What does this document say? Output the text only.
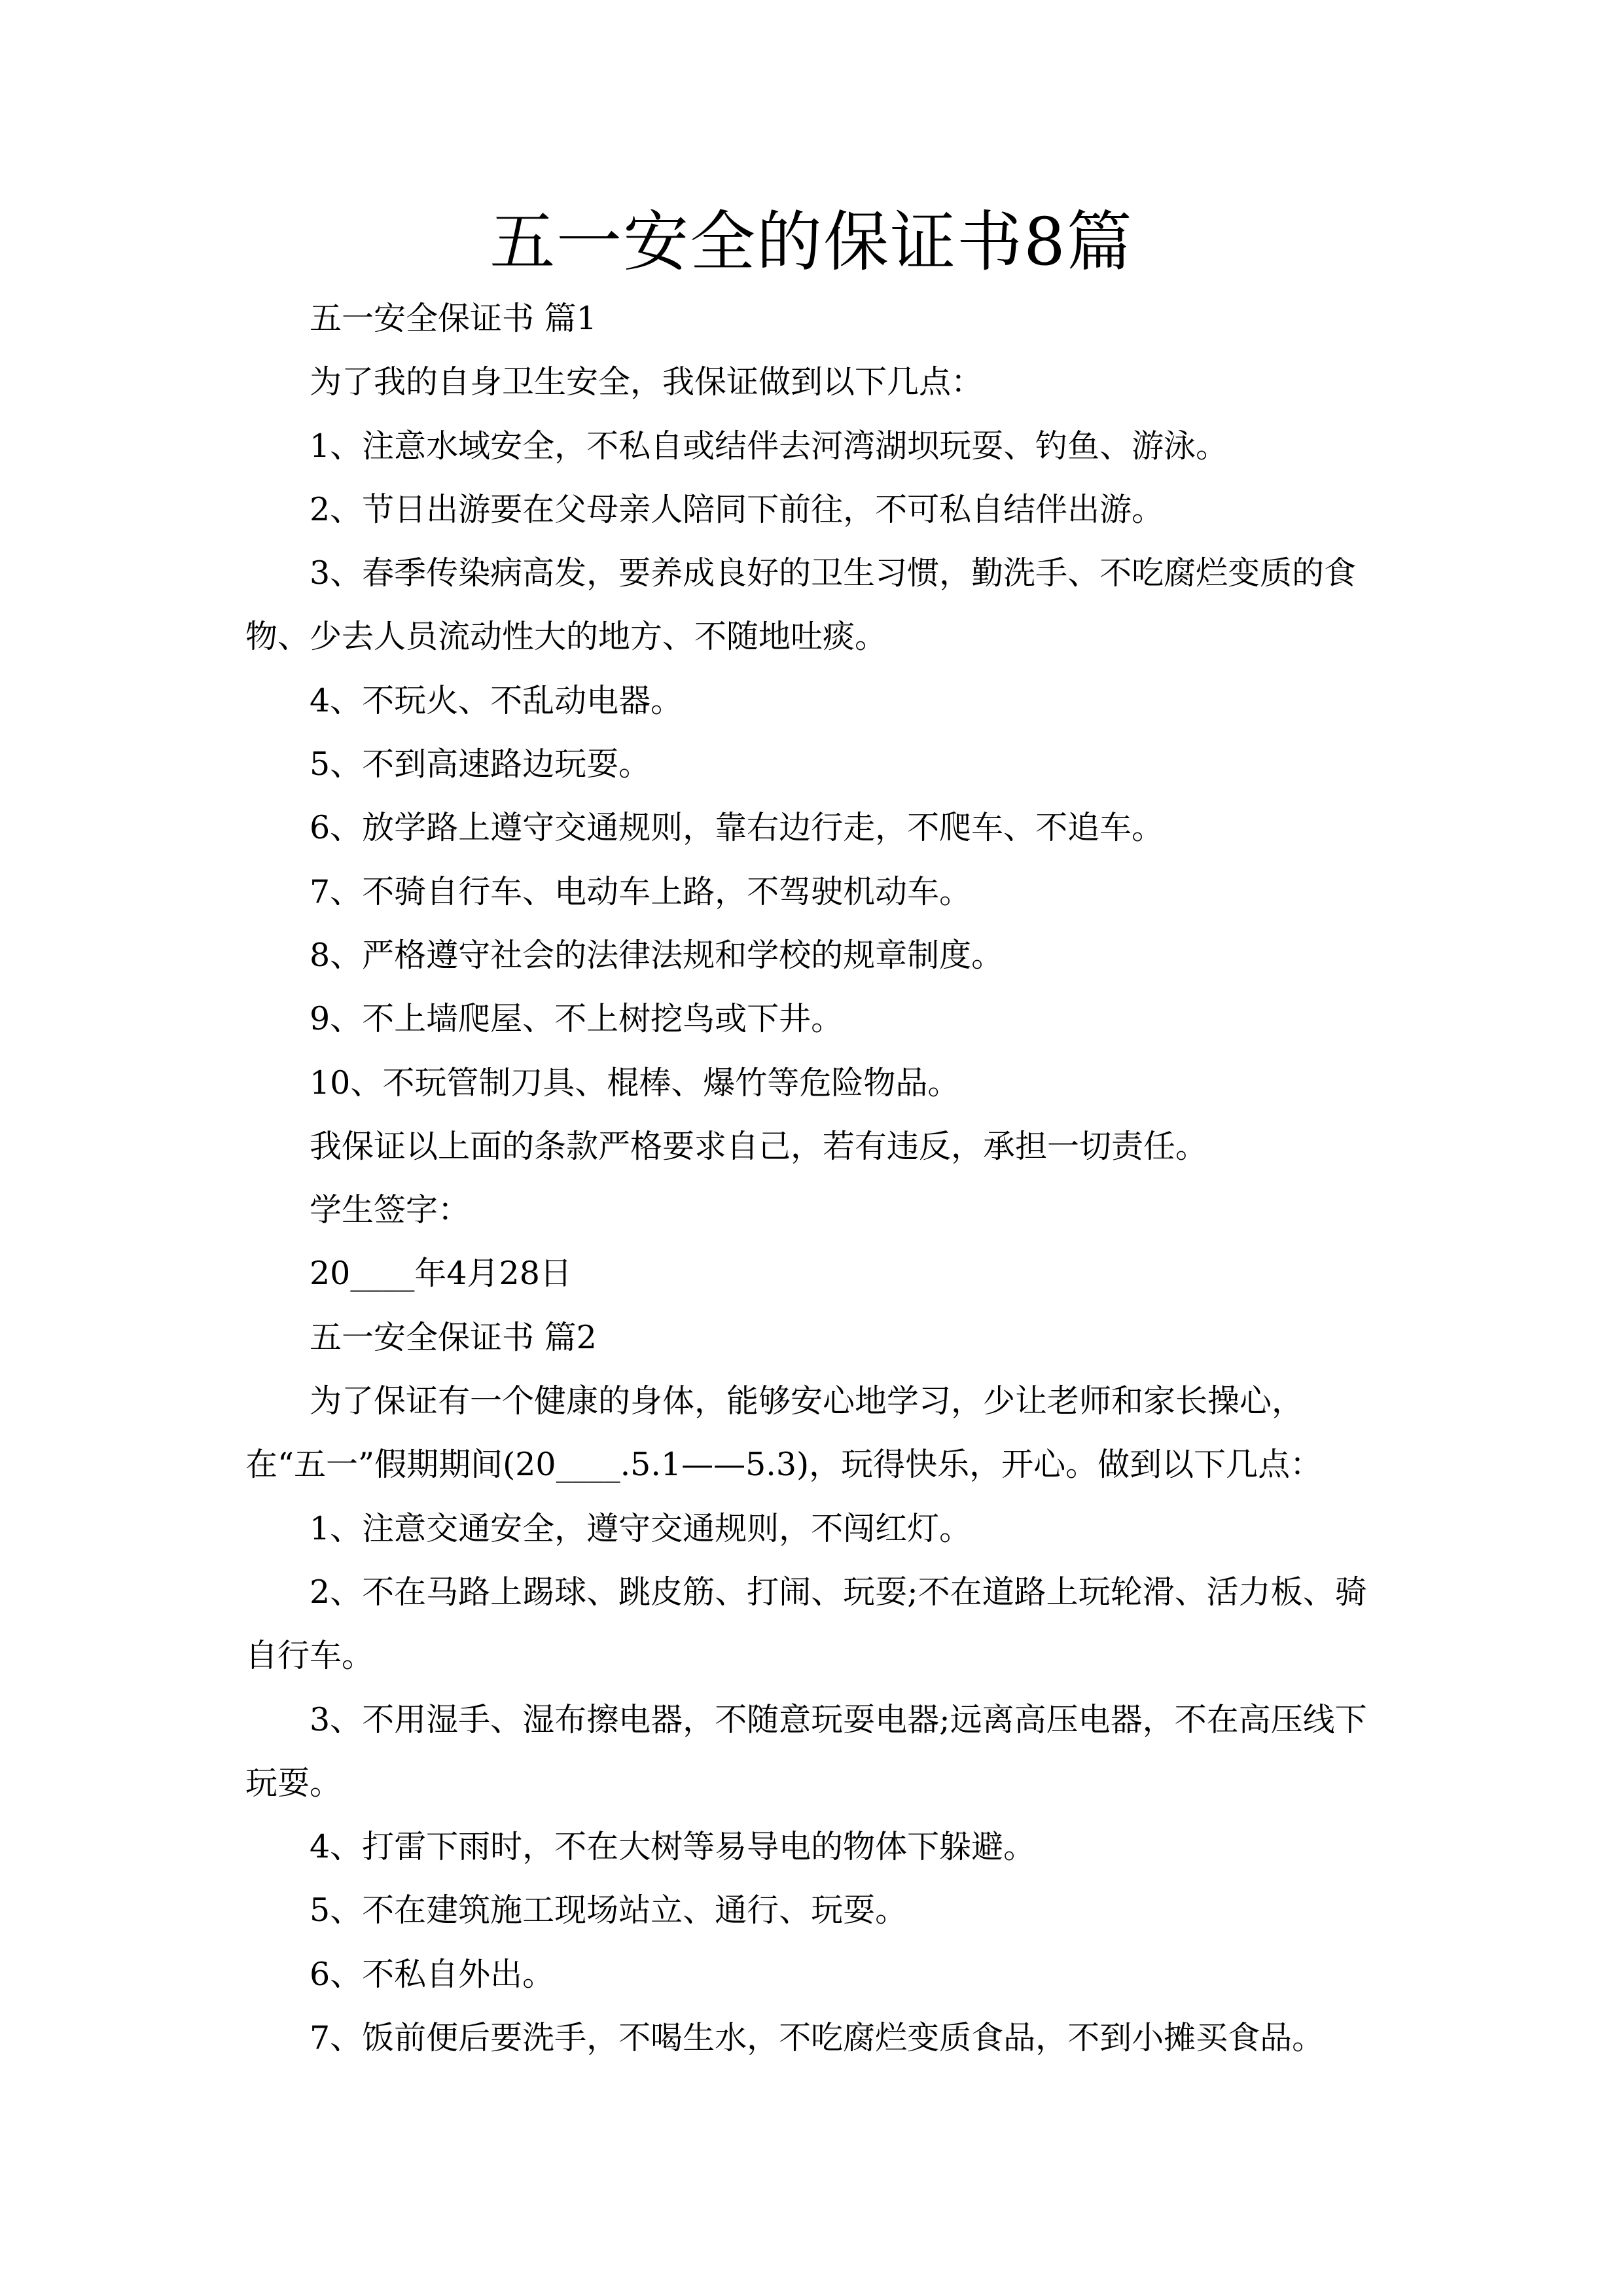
五一安全的保证书8篇

五一安全保证书 篇1

为了我的自身卫生安全，我保证做到以下几点：

1、注意水域安全，不私自或结伴去河湾湖坝玩耍、钓鱼、游泳。

2、节日出游要在父母亲人陪同下前往，不可私自结伴出游。

3、春季传染病高发，要养成良好的卫生习惯，勤洗手、不吃腐烂变质的食物、少去人员流动性大的地方、不随地吐痰。

4、不玩火、不乱动电器。

5、不到高速路边玩耍。

6、放学路上遵守交通规则，靠右边行走，不爬车、不追车。

7、不骑自行车、电动车上路，不驾驶机动车。

8、严格遵守社会的法律法规和学校的规章制度。

9、不上墙爬屋、不上树挖鸟或下井。

10、不玩管制刀具、棍棒、爆竹等危险物品。

我保证以上面的条款严格要求自己，若有违反，承担一切责任。

学生签字：

20____年4月28日

五一安全保证书 篇2

为了保证有一个健康的身体，能够安心地学习，少让老师和家长操心，在“五一”假期期间(20____.5.1——5.3)，玩得快乐，开心。做到以下几点：

1、注意交通安全，遵守交通规则，不闯红灯。

2、不在马路上踢球、跳皮筋、打闹、玩耍;不在道路上玩轮滑、活力板、骑自行车。

3、不用湿手、湿布擦电器，不随意玩耍电器;远离高压电器，不在高压线下玩耍。

4、打雷下雨时，不在大树等易导电的物体下躲避。

5、不在建筑施工现场站立、通行、玩耍。

6、不私自外出。

7、饭前便后要洗手，不喝生水，不吃腐烂变质食品，不到小摊买食品。
